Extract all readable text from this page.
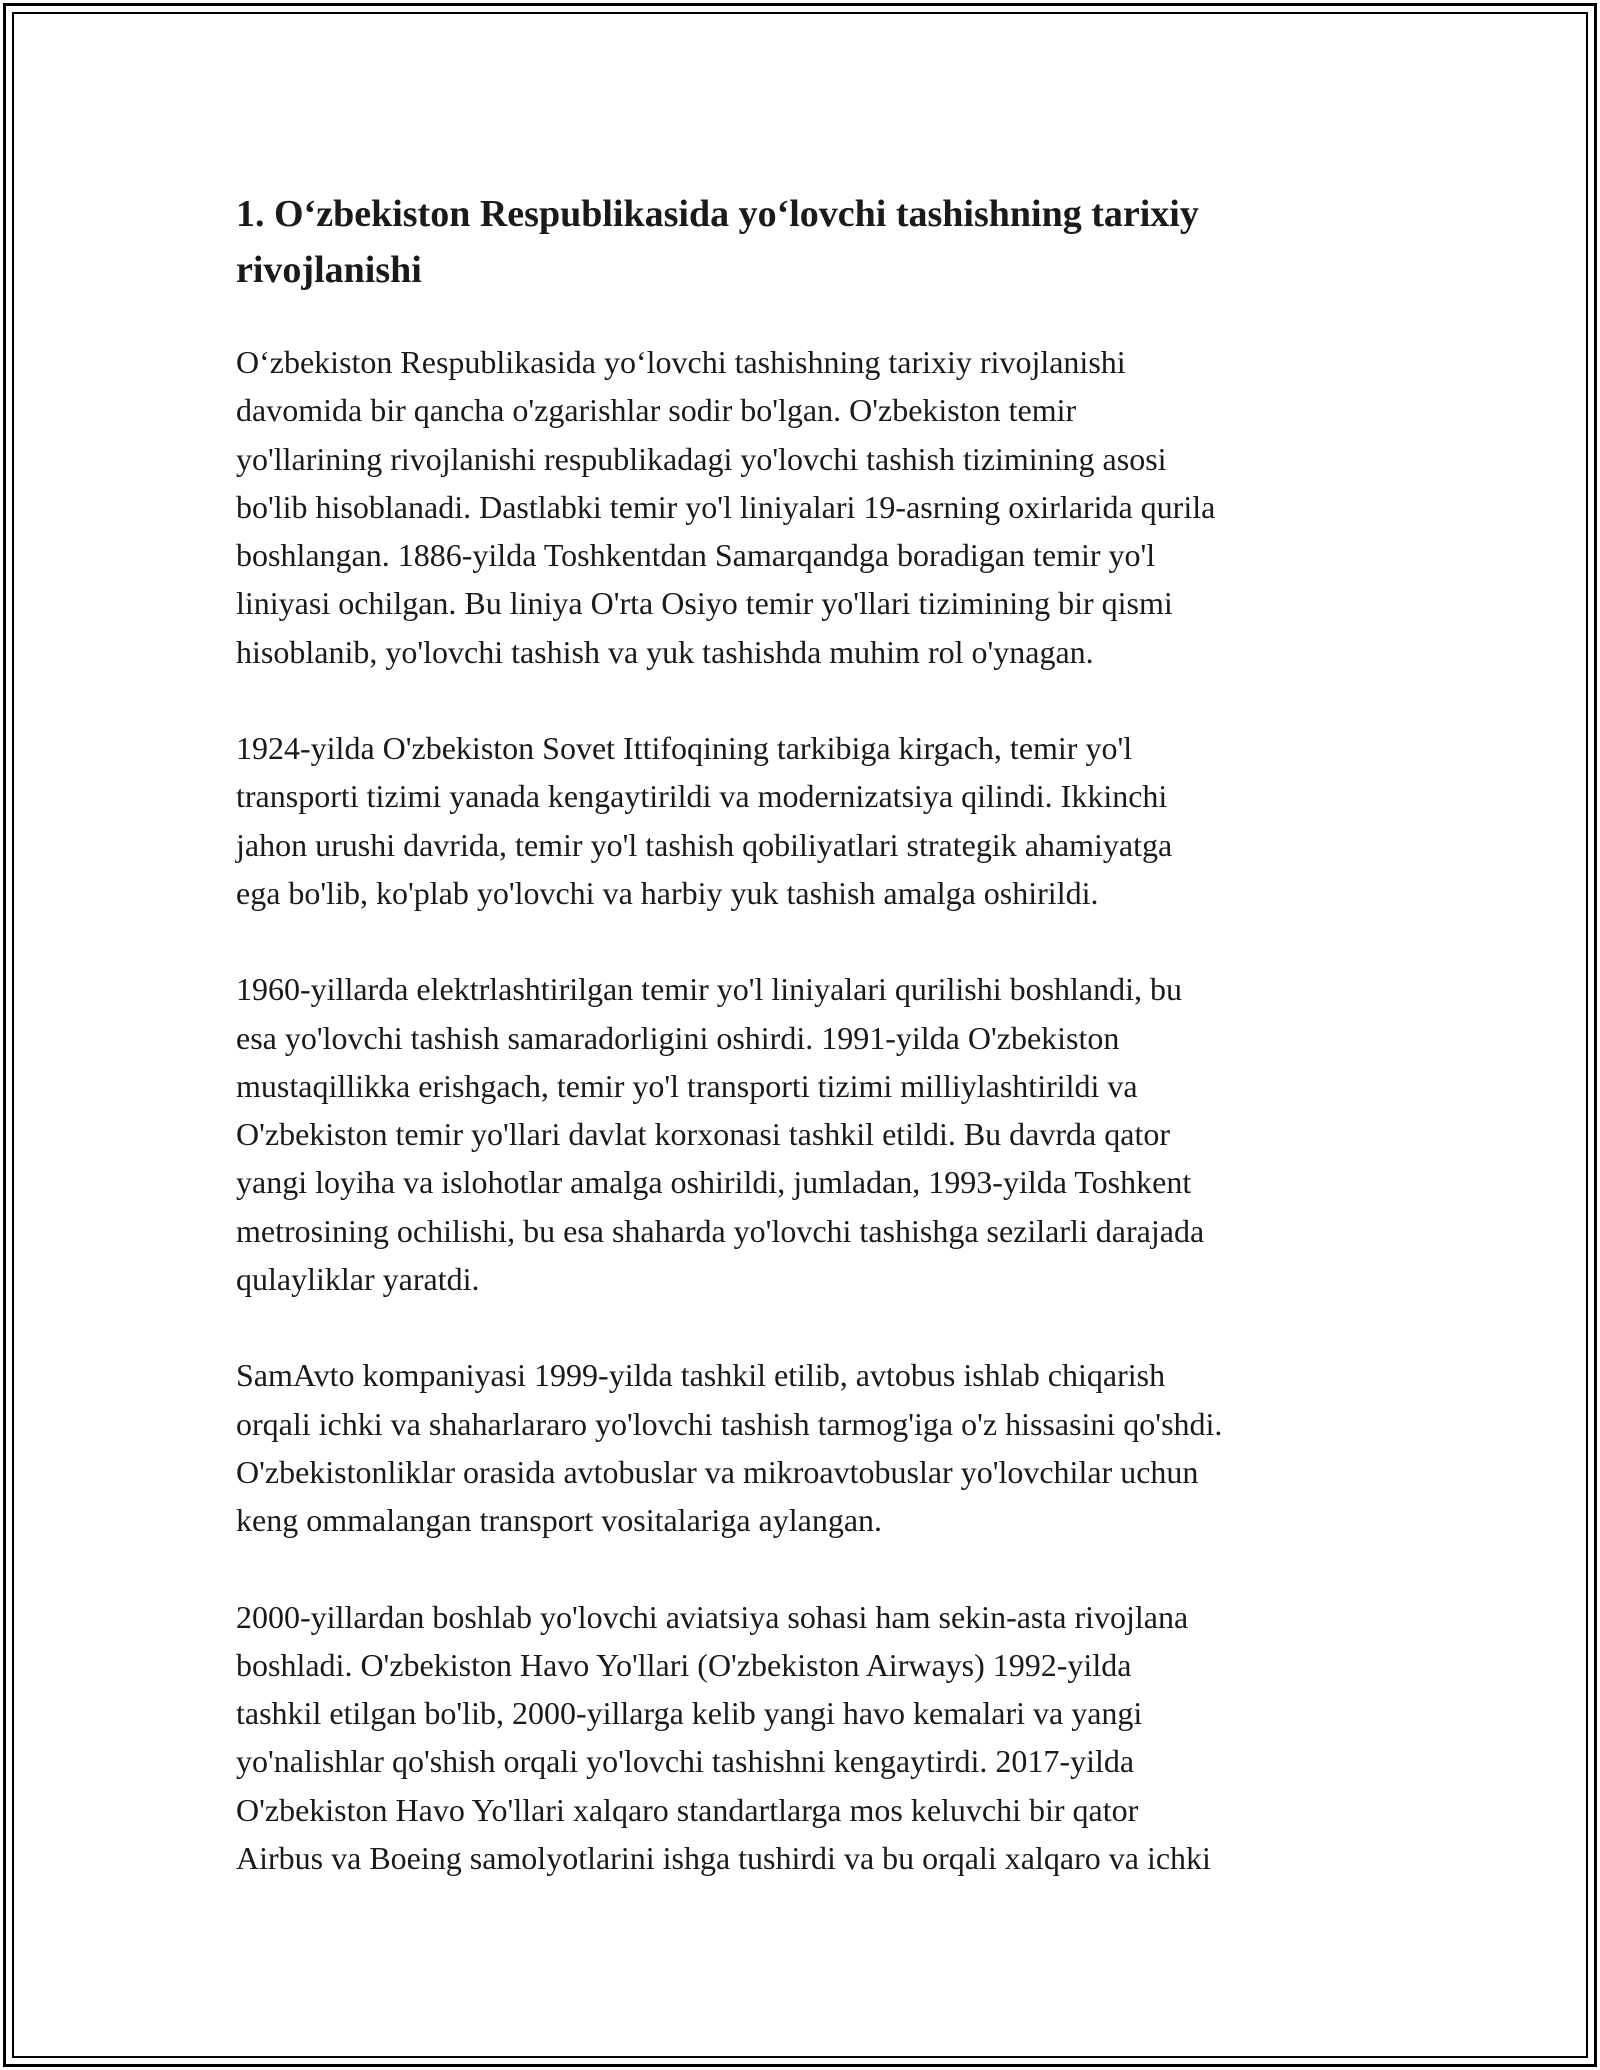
1. O‘zbekiston Respublikasida yo‘lovchi tashishning tarixiy
rivojlanishi

O‘zbekiston Respublikasida yo‘lovchi tashishning tarixiy rivojlanishi
davomida bir qancha o'zgarishlar sodir bo'lgan. O'zbekiston temir
yo'llarining rivojlanishi respublikadagi yo'lovchi tashish tizimining asosi
bo'lib hisoblanadi. Dastlabki temir yo'l liniyalari 19-asrning oxirlarida qurila
boshlangan. 1886-yilda Toshkentdan Samarqandga boradigan temir yo'l
liniyasi ochilgan. Bu liniya O'rta Osiyo temir yo'llari tizimining bir qismi
hisoblanib, yo'lovchi tashish va yuk tashishda muhim rol o'ynagan.

1924-yilda O'zbekiston Sovet Ittifoqining tarkibiga kirgach, temir yo'l
transporti tizimi yanada kengaytirildi va modernizatsiya qilindi. Ikkinchi
jahon urushi davrida, temir yo'l tashish qobiliyatlari strategik ahamiyatga
ega bo'lib, ko'plab yo'lovchi va harbiy yuk tashish amalga oshirildi.

1960-yillarda elektrlashtirilgan temir yo'l liniyalari qurilishi boshlandi, bu
esa yo'lovchi tashish samaradorligini oshirdi. 1991-yilda O'zbekiston
mustaqillikka erishgach, temir yo'l transporti tizimi milliylashtirildi va
O'zbekiston temir yo'llari davlat korxonasi tashkil etildi. Bu davrda qator
yangi loyiha va islohotlar amalga oshirildi, jumladan, 1993-yilda Toshkent
metrosining ochilishi, bu esa shaharda yo'lovchi tashishga sezilarli darajada
qulayliklar yaratdi.

SamAvto kompaniyasi 1999-yilda tashkil etilib, avtobus ishlab chiqarish
orqali ichki va shaharlararo yo'lovchi tashish tarmog'iga o'z hissasini qo'shdi.
O'zbekistonliklar orasida avtobuslar va mikroavtobuslar yo'lovchilar uchun
keng ommalangan transport vositalariga aylangan.

2000-yillardan boshlab yo'lovchi aviatsiya sohasi ham sekin-asta rivojlana
boshladi. O'zbekiston Havo Yo'llari (O'zbekiston Airways) 1992-yilda
tashkil etilgan bo'lib, 2000-yillarga kelib yangi havo kemalari va yangi
yo'nalishlar qo'shish orqali yo'lovchi tashishni kengaytirdi. 2017-yilda
O'zbekiston Havo Yo'llari xalqaro standartlarga mos keluvchi bir qator
Airbus va Boeing samolyotlarini ishga tushirdi va bu orqali xalqaro va ichki
